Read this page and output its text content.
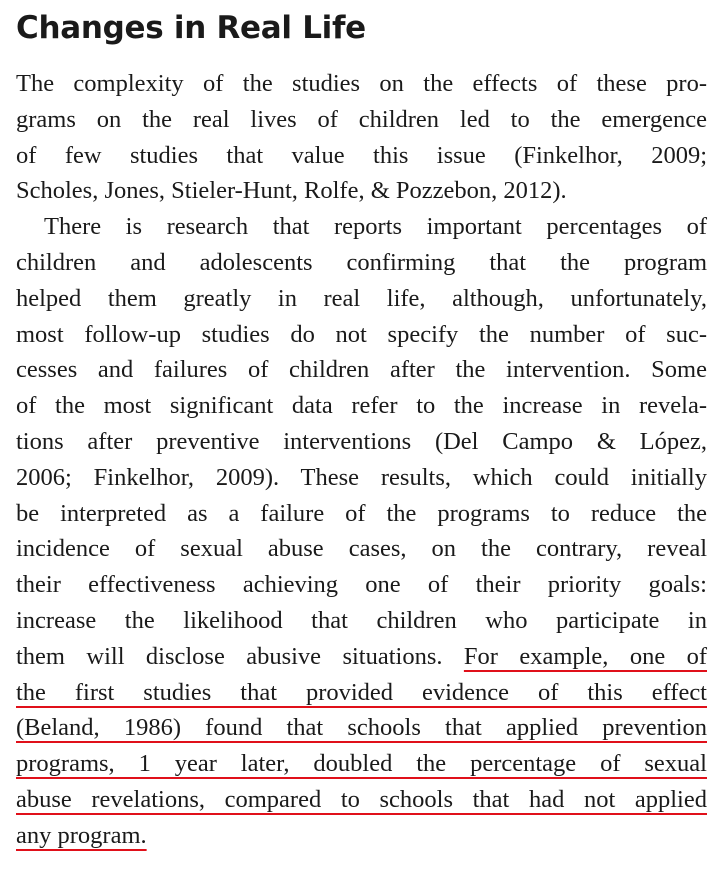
Changes in Real Life
The complexity of the studies on the effects of these pro-
grams on the real lives of children led to the emergence
of few studies that value this issue (Finkelhor, 2009;
Scholes, Jones, Stieler-Hunt, Rolfe, & Pozzebon, 2012).
There is research that reports important percentages of
children and adolescents confirming that the program
helped them greatly in real life, although, unfortunately,
most follow-up studies do not specify the number of suc-
cesses and failures of children after the intervention. Some
of the most significant data refer to the increase in revela-
tions after preventive interventions (Del Campo & López,
2006; Finkelhor, 2009). These results, which could initially
be interpreted as a failure of the programs to reduce the
incidence of sexual abuse cases, on the contrary, reveal
their effectiveness achieving one of their priority goals:
increase the likelihood that children who participate in
them will disclose abusive situations. For example, one of
the first studies that provided evidence of this effect
(Beland, 1986) found that schools that applied prevention
programs, 1 year later, doubled the percentage of sexual
abuse revelations, compared to schools that had not applied
any program.
